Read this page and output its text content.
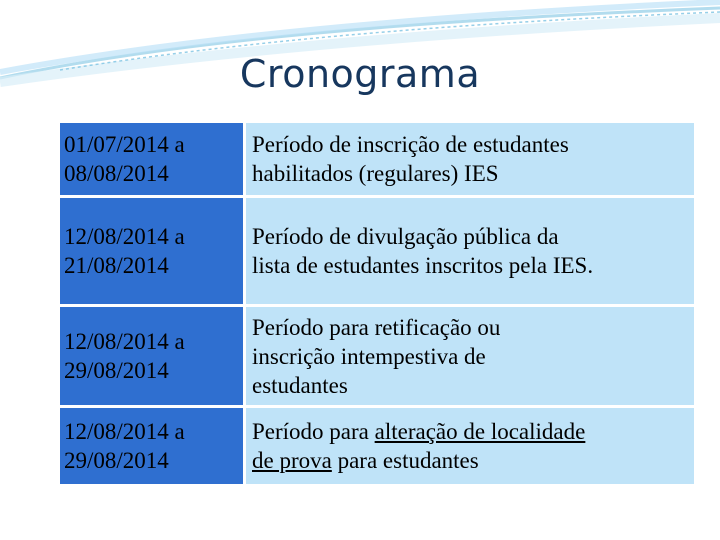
Cronograma
01/07/2014 a
08/08/2014
Período de inscrição de estudantes
habilitados (regulares) IES
12/08/2014 a
21/08/2014
Período de divulgação pública da
lista de estudantes inscritos pela IES.
12/08/2014 a
29/08/2014
Período para retificação ou
inscrição intempestiva de
estudantes
12/08/2014 a
29/08/2014
Período para alteração de localidade
de prova para estudantes
